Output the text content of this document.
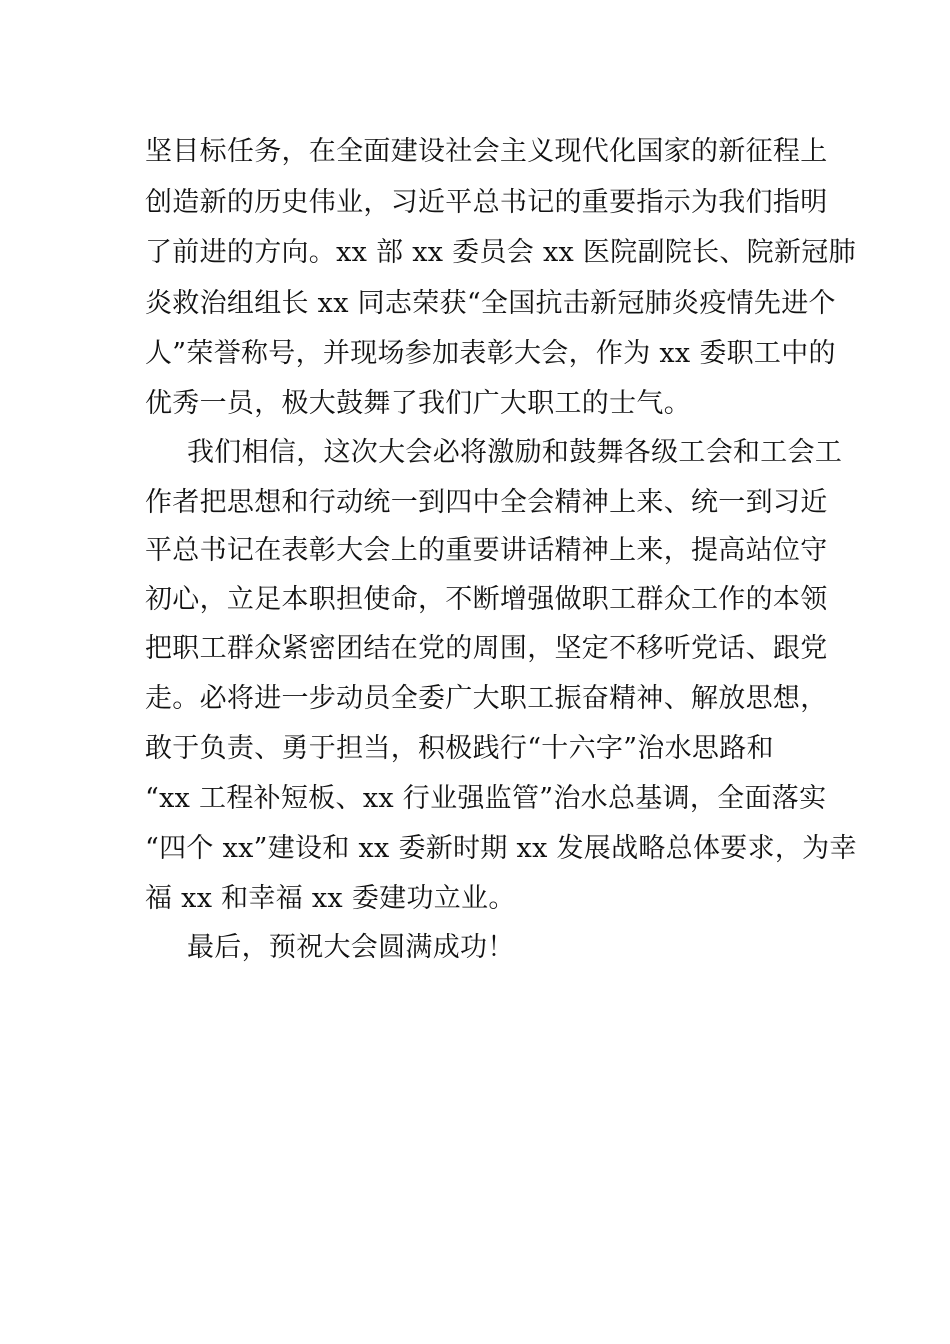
坚目标任务，在全面建设社会主义现代化国家的新征程上
创造新的历史伟业，习近平总书记的重要指示为我们指明
了前进的方向。xx 部 xx 委员会 xx 医院副院长、院新冠肺
炎救治组组长 xx 同志荣获“全国抗击新冠肺炎疫情先进个
人”荣誉称号，并现场参加表彰大会，作为 xx 委职工中的
优秀一员，极大鼓舞了我们广大职工的士气。
我们相信，这次大会必将激励和鼓舞各级工会和工会工
作者把思想和行动统一到四中全会精神上来、统一到习近
平总书记在表彰大会上的重要讲话精神上来，提高站位守
初心，立足本职担使命，不断增强做职工群众工作的本领
把职工群众紧密团结在党的周围，坚定不移听党话、跟党
走。必将进一步动员全委广大职工振奋精神、解放思想，
敢于负责、勇于担当，积极践行“十六字”治水思路和
“xx 工程补短板、xx 行业强监管”治水总基调，全面落实
“四个 xx”建设和 xx 委新时期 xx 发展战略总体要求，为幸
福 xx 和幸福 xx 委建功立业。
最后，预祝大会圆满成功！
